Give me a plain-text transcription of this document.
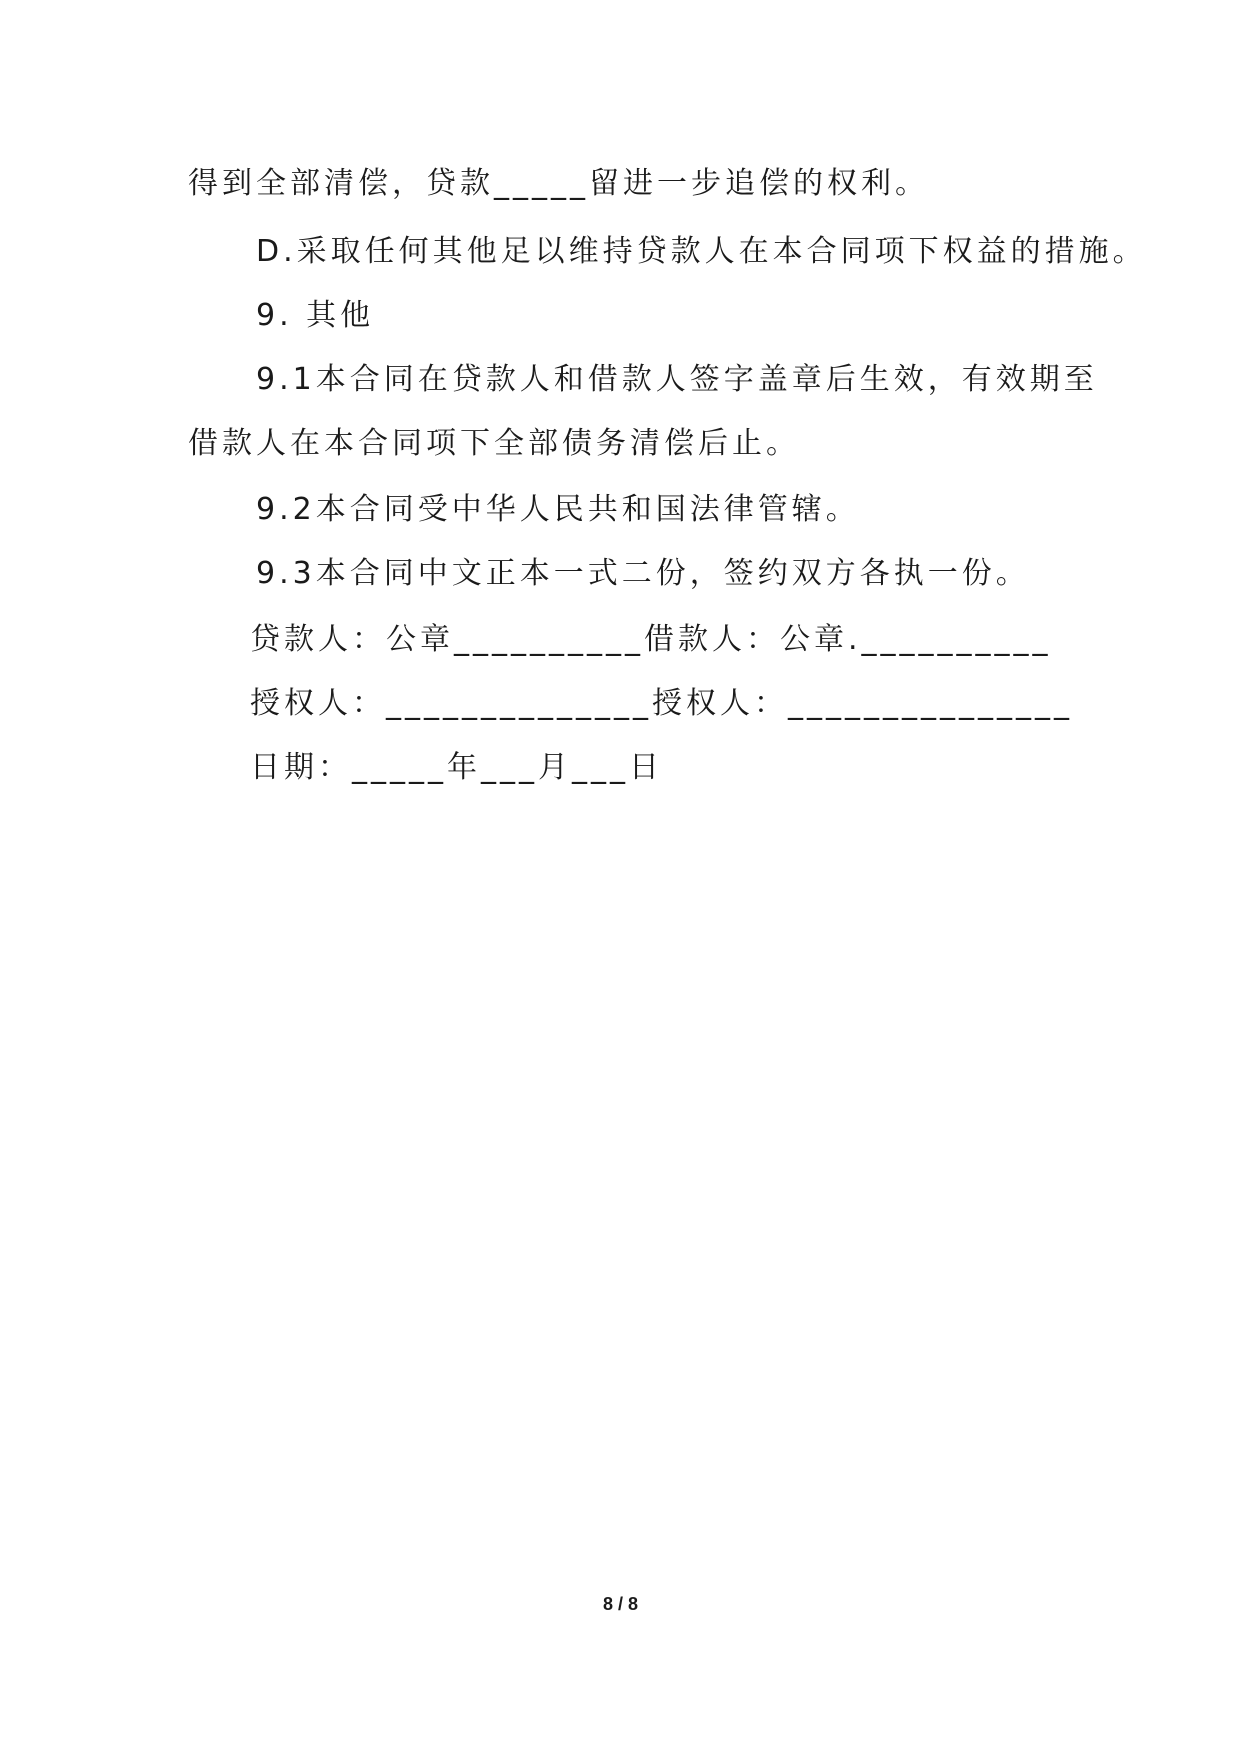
得到全部清偿，贷款_____留进一步追偿的权利。
D.采取任何其他足以维持贷款人在本合同项下权益的措施。
9. 其他
9.1本合同在贷款人和借款人签字盖章后生效，有效期至
借款人在本合同项下全部债务清偿后止。
9.2本合同受中华人民共和国法律管辖。
9.3本合同中文正本一式二份，签约双方各执一份。
贷款人：公章__________借款人：公章.__________
授权人：______________授权人：_______________
日期：_____年___月___日
8 / 8
